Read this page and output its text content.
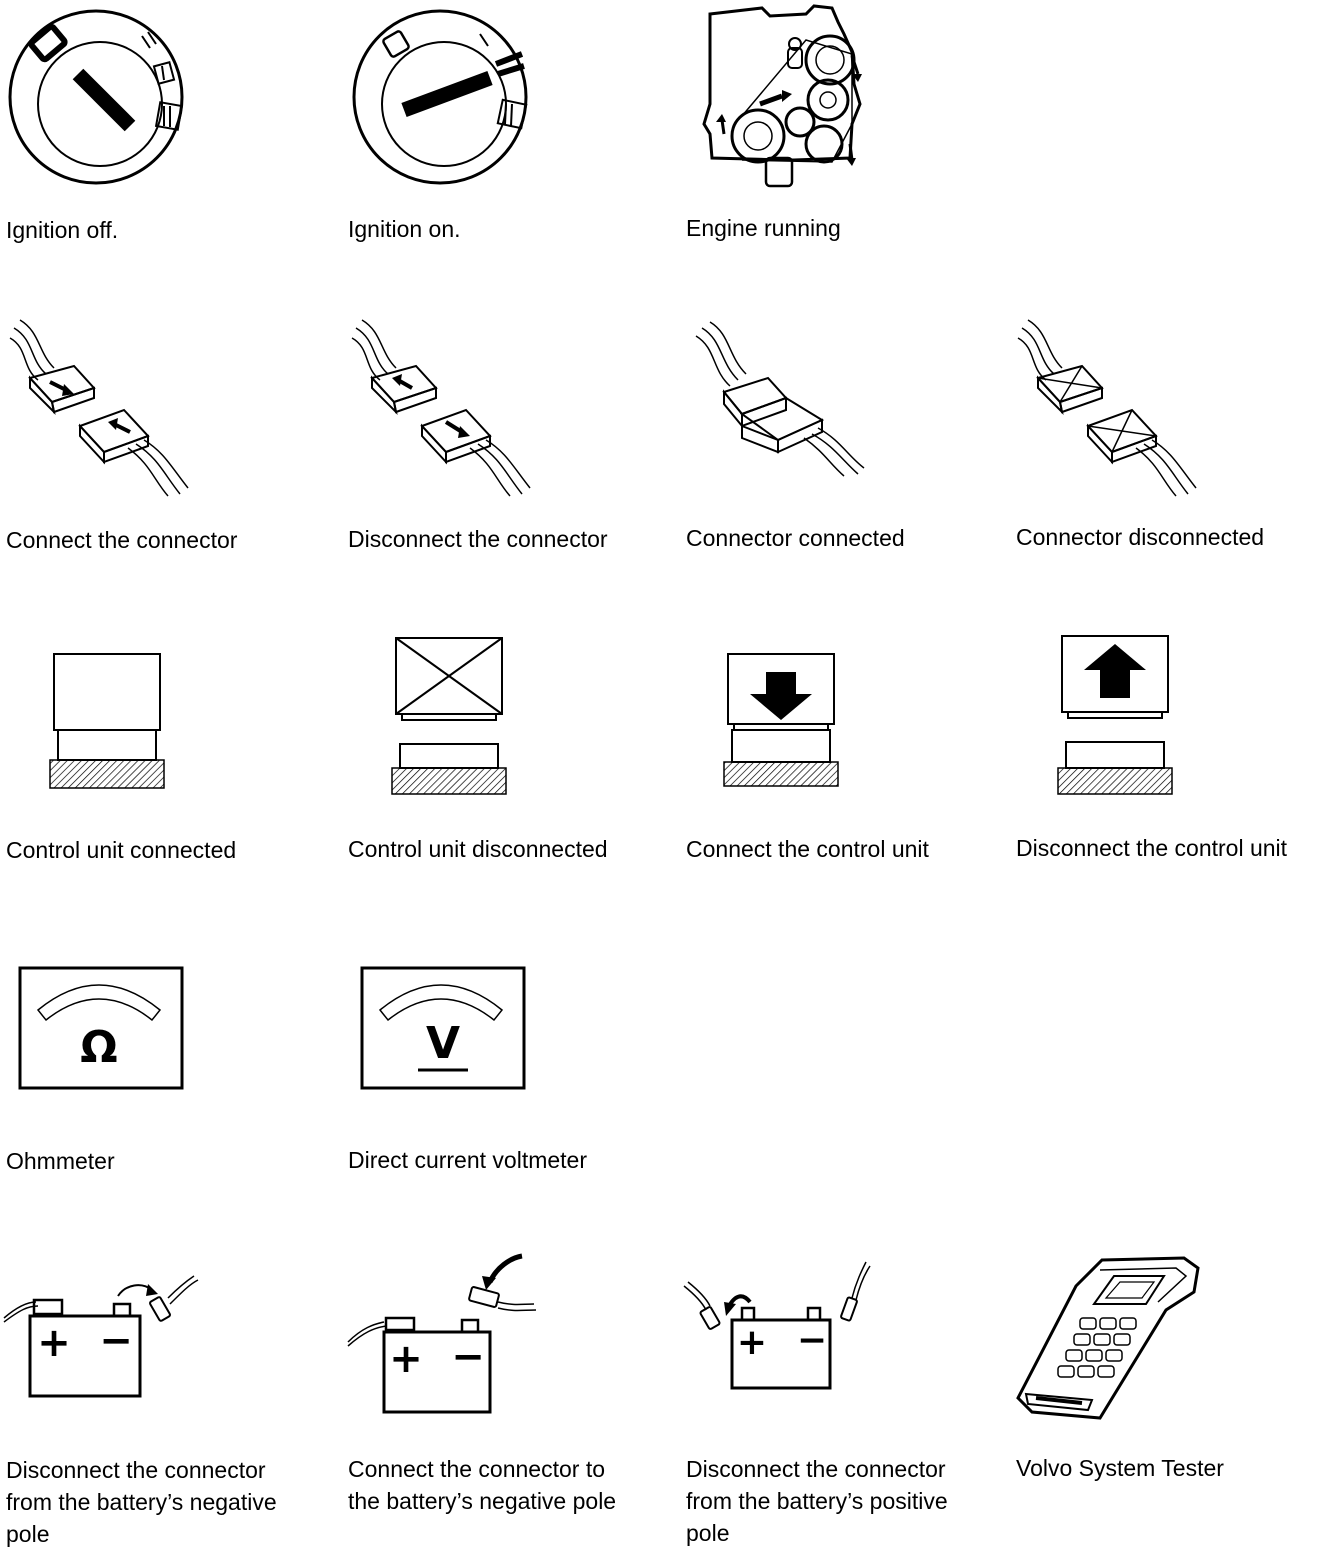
Ignition off.	Ignition on.	Engine running

Connect the connector	Disconnect the connector	Connector connected	Connector disconnected

Control unit connected	Control unit disconnected	Connect the control unit	Disconnect the control unit

Ω

Ohmmeter

V

Direct current voltmeter

+ −
Disconnect the connector
from the battery’s negative
pole
+ −
Connect the connector to
the battery’s negative pole
+ −
Disconnect the connector
from the battery’s positive
pole

Volvo System Tester
